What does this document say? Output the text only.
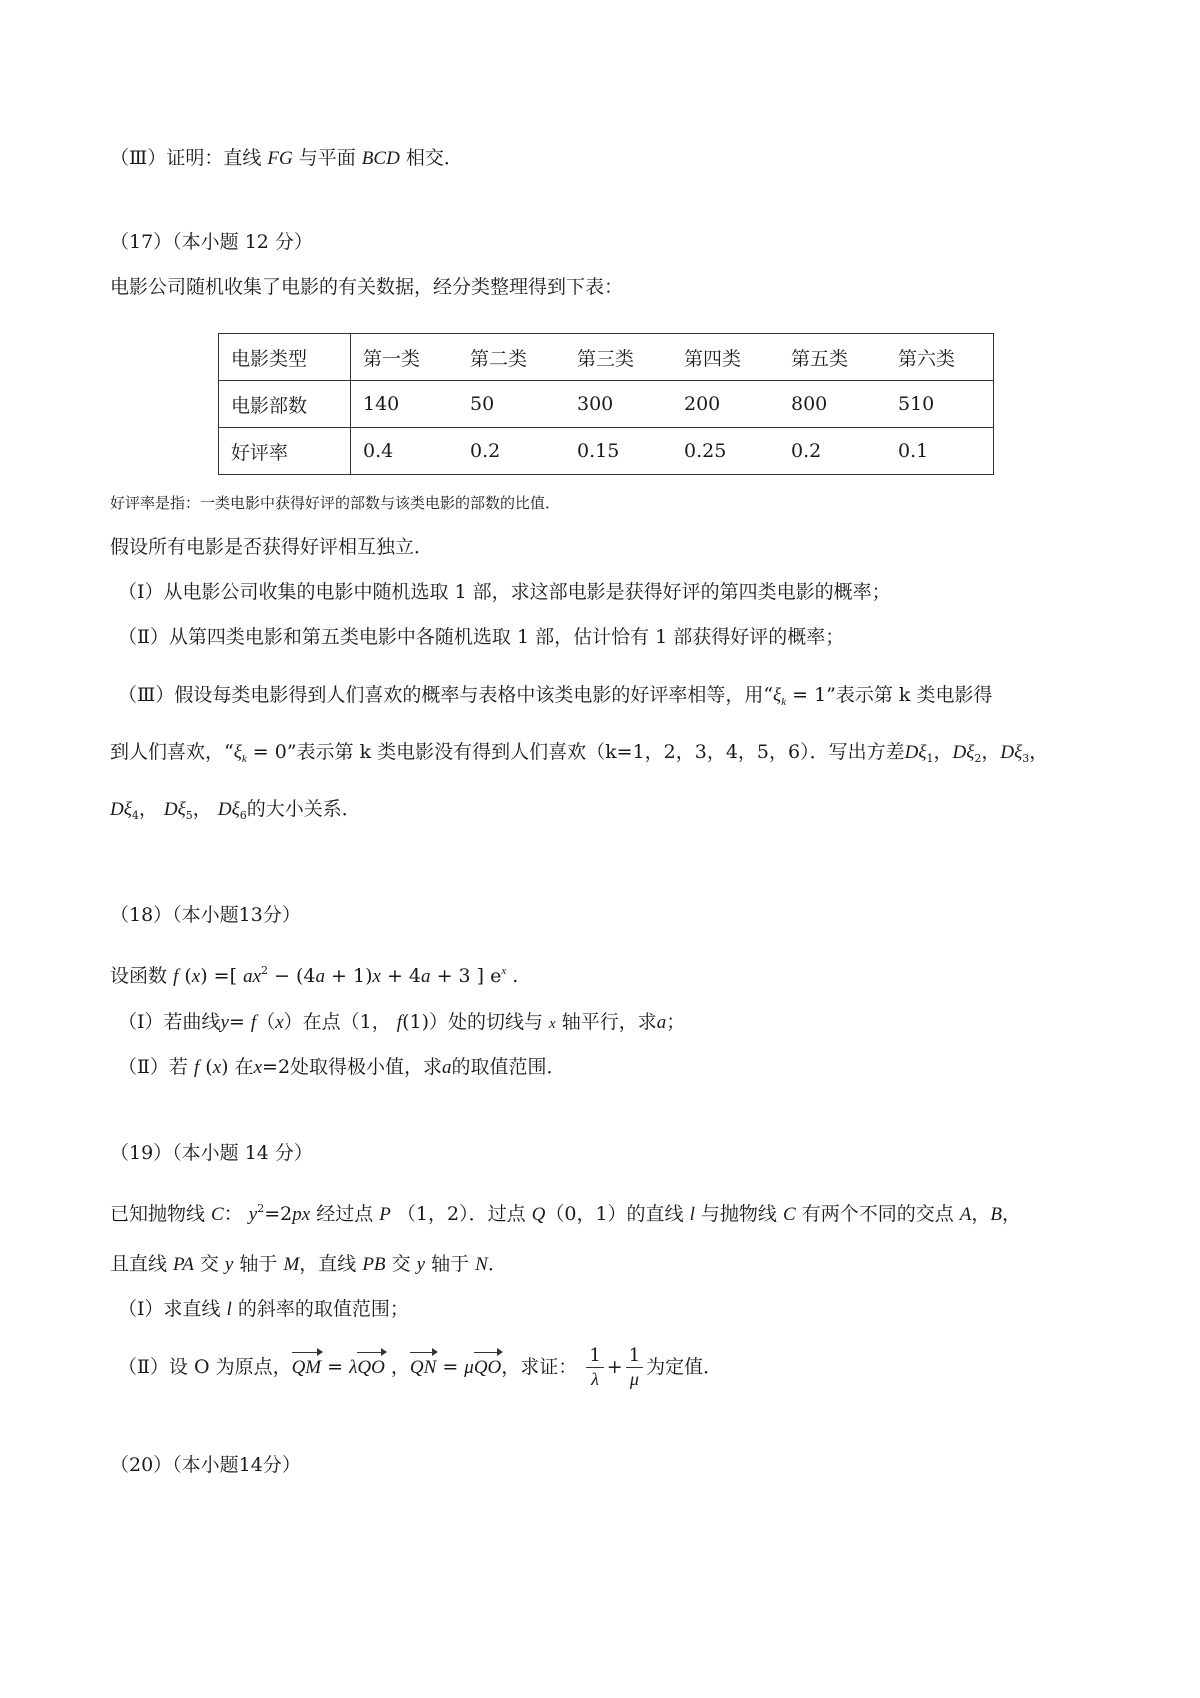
（Ⅲ）证明：直线 FG 与平面 BCD 相交．
（17）（本小题 12 分）
电影公司随机收集了电影的有关数据，经分类整理得到下表：
电影类型	第一类	第二类	第三类	第四类	第五类	第六类
电影部数	140	50	300	200	800	510
好评率	0.4	0.2	0.15	0.25	0.2	0.1
好评率是指：一类电影中获得好评的部数与该类电影的部数的比值．
假设所有电影是否获得好评相互独立．
（Ⅰ）从电影公司收集的电影中随机选取 1 部，求这部电影是获得好评的第四类电影的概率；
（Ⅱ）从第四类电影和第五类电影中各随机选取 1 部，估计恰有 1 部获得好评的概率；
（Ⅲ）假设每类电影得到人们喜欢的概率与表格中该类电影的好评率相等，用“$\xi_k = 1$”表示第 k 类电影得
到人们喜欢，“$\xi_k = 0$”表示第 k 类电影没有得到人们喜欢（k=1，2，3，4，5，6）．写出方差$D\xi_1$，$D\xi_2$，$D\xi_3$，
$D\xi_4$， $D\xi_5$， $D\xi_6$的大小关系．
（18）（本小题13分）
设函数 f (x) =[ $ax^2 - (4a + 1)x + 4a + 3$ ] $e^x$ .
（Ⅰ）若曲线y= f（x）在点（1， f(1)）处的切线与 x 轴平行，求a；
（Ⅱ）若 f (x) 在x=2处取得极小值，求a的取值范围．
（19）（本小题 14 分）
已知抛物线 C： $y^2=2px$ 经过点 P （1，2）．过点 Q（0，1）的直线 l 与抛物线 C 有两个不同的交点 A，B，
且直线 PA 交 y 轴于 M，直线 PB 交 y 轴于 N．
（Ⅰ）求直线 l 的斜率的取值范围；
（Ⅱ）设 O 为原点，QM = λQO ，QN = μQO，求证： $\frac{1}{\lambda} + \frac{1}{\mu}$ 为定值．
（20）（本小题14分）
